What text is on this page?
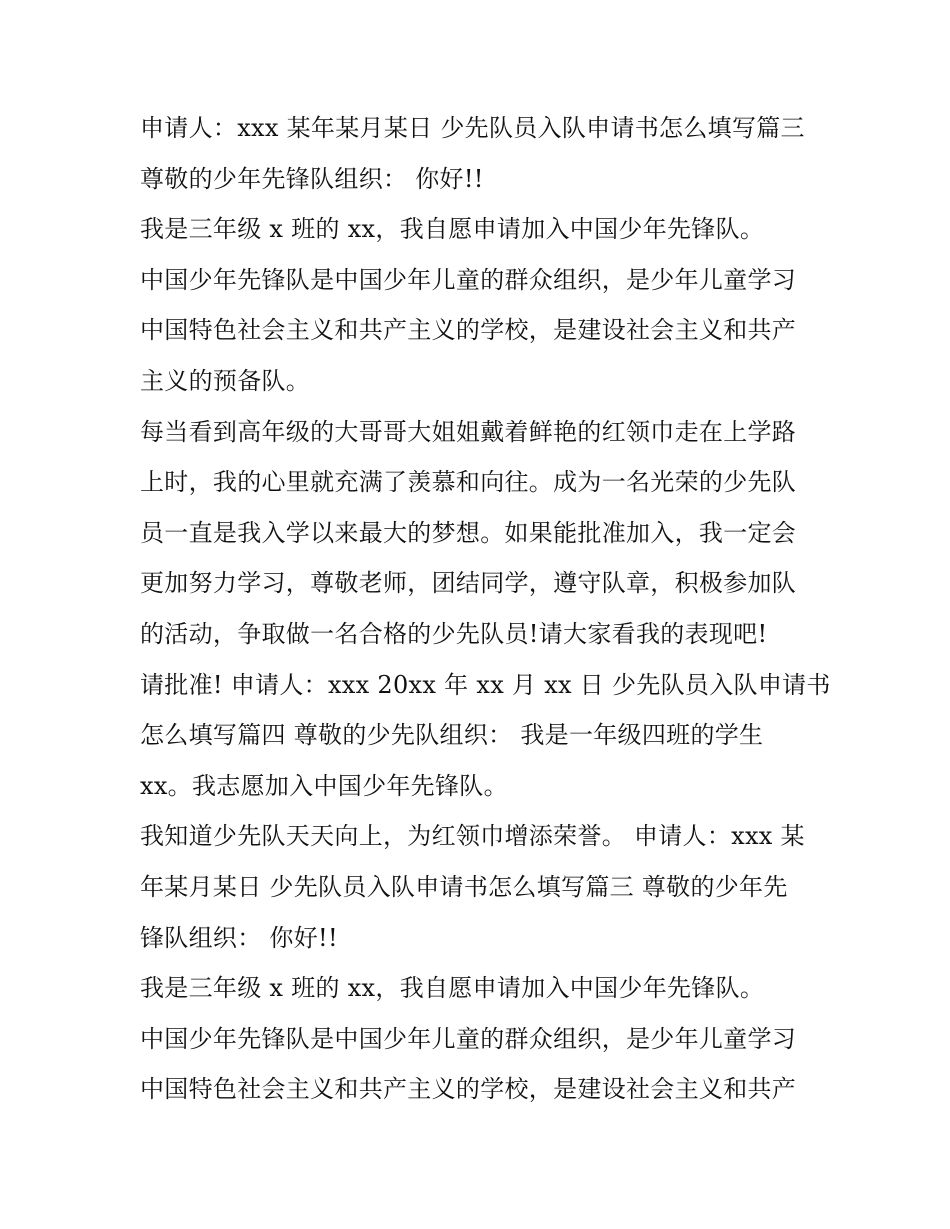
申请人：xxx 某年某月某日 少先队员入队申请书怎么填写篇三
尊敬的少年先锋队组织： 你好!!
我是三年级 x 班的 xx，我自愿申请加入中国少年先锋队。
中国少年先锋队是中国少年儿童的群众组织，是少年儿童学习
中国特色社会主义和共产主义的学校，是建设社会主义和共产
主义的预备队。
每当看到高年级的大哥哥大姐姐戴着鲜艳的红领巾走在上学路
上时，我的心里就充满了羡慕和向往。成为一名光荣的少先队
员一直是我入学以来最大的梦想。如果能批准加入，我一定会
更加努力学习，尊敬老师，团结同学，遵守队章，积极参加队
的活动，争取做一名合格的少先队员!请大家看我的表现吧!
请批准! 申请人：xxx 20xx 年 xx 月 xx 日 少先队员入队申请书
怎么填写篇四 尊敬的少先队组织： 我是一年级四班的学生
xx。我志愿加入中国少年先锋队。
我知道少先队天天向上，为红领巾增添荣誉。 申请人：xxx 某
年某月某日 少先队员入队申请书怎么填写篇三 尊敬的少年先
锋队组织： 你好!!
我是三年级 x 班的 xx，我自愿申请加入中国少年先锋队。
中国少年先锋队是中国少年儿童的群众组织，是少年儿童学习
中国特色社会主义和共产主义的学校，是建设社会主义和共产
